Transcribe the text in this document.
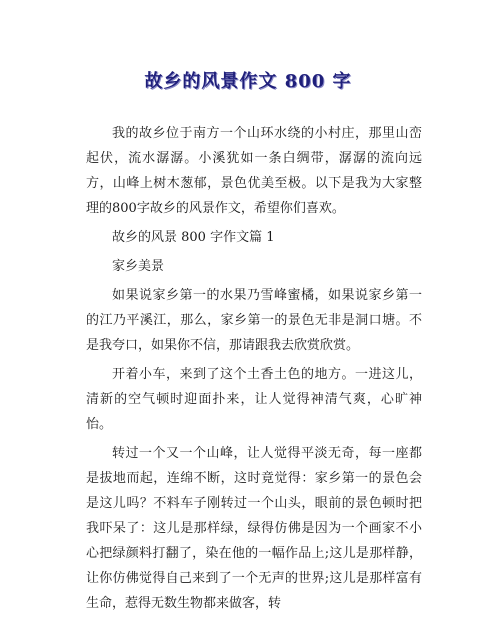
故乡的风景作文 800 字

我的故乡位于南方一个山环水绕的小村庄，那里山峦起伏，流水潺潺。小溪犹如一条白绸带，潺潺的流向远方，山峰上树木葱郁，景色优美至极。以下是我为大家整理的800字故乡的风景作文，希望你们喜欢。

故乡的风景 800 字作文篇 1

家乡美景

如果说家乡第一的水果乃雪峰蜜橘，如果说家乡第一的江乃平溪江，那么，家乡第一的景色无非是洞口塘。不是我夸口，如果你不信，那请跟我去欣赏欣赏。

开着小车，来到了这个土香土色的地方。一进这儿，清新的空气顿时迎面扑来，让人觉得神清气爽，心旷神怡。

转过一个又一个山峰，让人觉得平淡无奇，每一座都是拔地而起，连绵不断，这时竟觉得：家乡第一的景色会是这儿吗？不料车子刚转过一个山头，眼前的景色顿时把我吓呆了：这儿是那样绿，绿得仿佛是因为一个画家不小心把绿颜料打翻了，染在他的一幅作品上;这儿是那样静，让你仿佛觉得自己来到了一个无声的世界;这儿是那样富有生命，惹得无数生物都来做客，转
